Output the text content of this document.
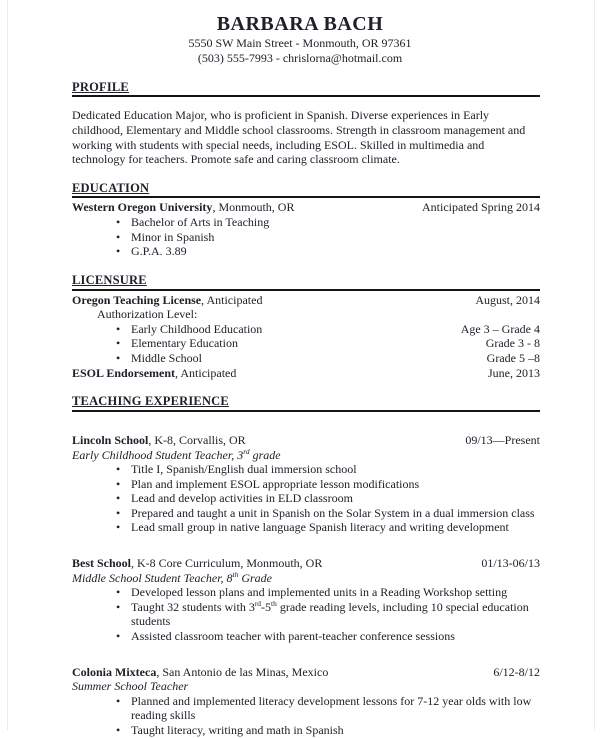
BARBARA BACH
5550 SW Main Street - Monmouth, OR 97361
(503) 555-7993 - chrislorna@hotmail.com
PROFILE

Dedicated Education Major, who is proficient in Spanish. Diverse experiences in Early childhood, Elementary and Middle school classrooms. Strength in classroom management and working with students with special needs, including ESOL. Skilled in multimedia and technology for teachers. Promote safe and caring classroom climate.

EDUCATION
Western Oregon University, Monmouth, OR	Anticipated Spring 2014
• Bachelor of Arts in Teaching
• Minor in Spanish
• G.P.A. 3.89
LICENSURE
Oregon Teaching License, Anticipated	August, 2014
Authorization Level:
• Early Childhood Education	Age 3 – Grade 4
• Elementary Education	Grade 3 - 8
• Middle School	Grade 5 –8
ESOL Endorsement, Anticipated	June, 2013
TEACHING EXPERIENCE
Lincoln School, K-8, Corvallis, OR	09/13—Present
Early Childhood Student Teacher, 3rd grade
• Title I, Spanish/English dual immersion school
• Plan and implement ESOL appropriate lesson modifications
• Lead and develop activities in ELD classroom
• Prepared and taught a unit in Spanish on the Solar System in a dual immersion class
• Lead small group in native language Spanish literacy and writing development
Best School, K-8 Core Curriculum, Monmouth, OR	01/13-06/13
Middle School Student Teacher, 8th Grade
• Developed lesson plans and implemented units in a Reading Workshop setting
• Taught 32 students with 3rd-5th grade reading levels, including 10 special education students
• Assisted classroom teacher with parent-teacher conference sessions
Colonia Mixteca, San Antonio de las Minas, Mexico	6/12-8/12
Summer School Teacher
• Planned and implemented literacy development lessons for 7-12 year olds with low reading skills
• Taught literacy, writing and math in Spanish
